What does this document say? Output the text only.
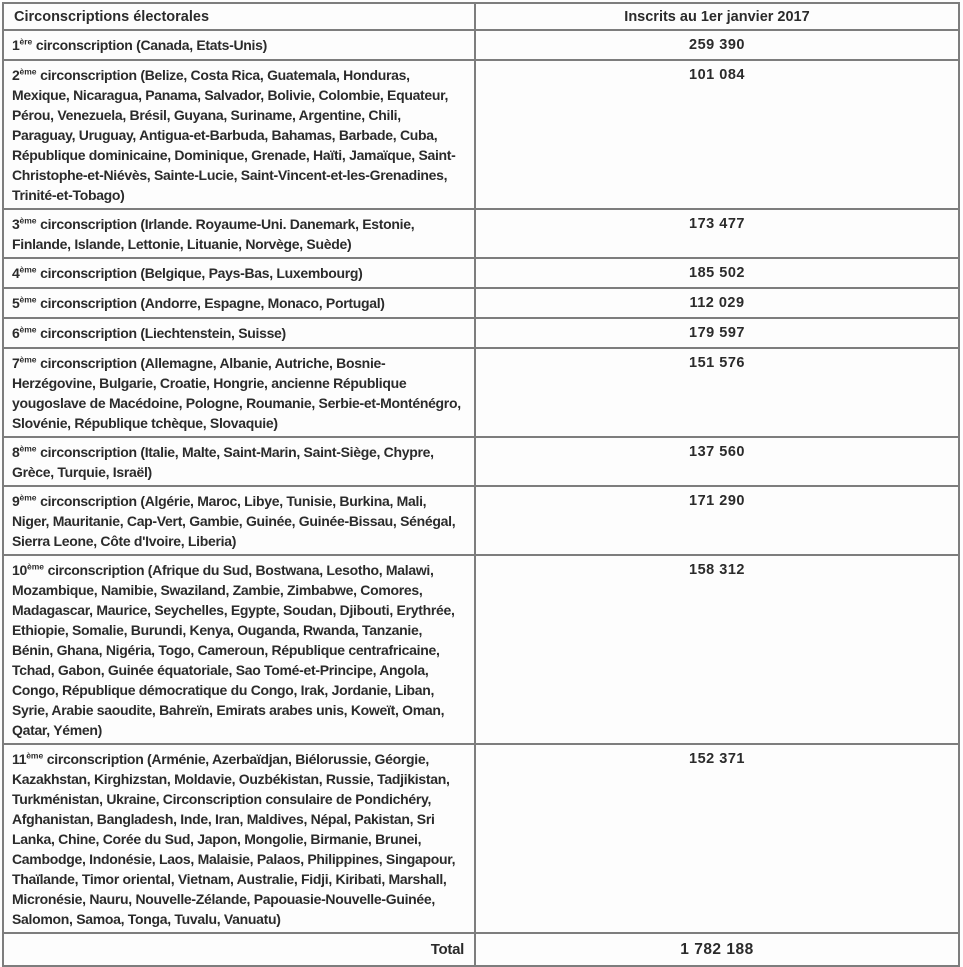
Circonscriptions électorales	Inscrits au 1er janvier 2017
1ère circonscription (Canada, Etats-Unis)	259 390
2ème circonscription (Belize, Costa Rica, Guatemala, Honduras, Mexique, Nicaragua, Panama, Salvador, Bolivie, Colombie, Equateur, Pérou, Venezuela, Brésil, Guyana, Suriname, Argentine, Chili, Paraguay, Uruguay, Antigua-et-Barbuda, Bahamas, Barbade, Cuba, République dominicaine, Dominique, Grenade, Haïti, Jamaïque, Saint-Christophe-et-Niévès, Sainte-Lucie, Saint-Vincent-et-les-Grenadines, Trinité-et-Tobago)	101 084
3ème circonscription (Irlande. Royaume-Uni. Danemark, Estonie, Finlande, Islande, Lettonie, Lituanie, Norvège, Suède)	173 477
4ème circonscription (Belgique, Pays-Bas, Luxembourg)	185 502
5ème circonscription (Andorre, Espagne, Monaco, Portugal)	112 029
6ème circonscription (Liechtenstein, Suisse)	179 597
7ème circonscription (Allemagne, Albanie, Autriche, Bosnie-Herzégovine, Bulgarie, Croatie, Hongrie, ancienne République yougoslave de Macédoine, Pologne, Roumanie, Serbie-et-Monténégro, Slovénie, République tchèque, Slovaquie)	151 576
8ème circonscription (Italie, Malte, Saint-Marin, Saint-Siège, Chypre, Grèce, Turquie, Israël)	137 560
9ème circonscription (Algérie, Maroc, Libye, Tunisie, Burkina, Mali, Niger, Mauritanie, Cap-Vert, Gambie, Guinée, Guinée-Bissau, Sénégal, Sierra Leone, Côte d'Ivoire, Liberia)	171 290
10ème circonscription (Afrique du Sud, Bostwana, Lesotho, Malawi, Mozambique, Namibie, Swaziland, Zambie, Zimbabwe, Comores, Madagascar, Maurice, Seychelles, Egypte, Soudan, Djibouti, Erythrée, Ethiopie, Somalie, Burundi, Kenya, Ouganda, Rwanda, Tanzanie, Bénin, Ghana, Nigéria, Togo, Cameroun, République centrafricaine, Tchad, Gabon, Guinée équatoriale, Sao Tomé-et-Principe, Angola, Congo, République démocratique du Congo, Irak, Jordanie, Liban, Syrie, Arabie saoudite, Bahreïn, Emirats arabes unis, Koweït, Oman, Qatar, Yémen)	158 312
11ème circonscription (Arménie, Azerbaïdjan, Biélorussie, Géorgie, Kazakhstan, Kirghizstan, Moldavie, Ouzbékistan, Russie, Tadjikistan, Turkménistan, Ukraine, Circonscription consulaire de Pondichéry, Afghanistan, Bangladesh, Inde, Iran, Maldives, Népal, Pakistan, Sri Lanka, Chine, Corée du Sud, Japon, Mongolie, Birmanie, Brunei, Cambodge, Indonésie, Laos, Malaisie, Palaos, Philippines, Singapour, Thaïlande, Timor oriental, Vietnam, Australie, Fidji, Kiribati, Marshall, Micronésie, Nauru, Nouvelle-Zélande, Papouasie-Nouvelle-Guinée, Salomon, Samoa, Tonga, Tuvalu, Vanuatu)	152 371
Total	1 782 188
